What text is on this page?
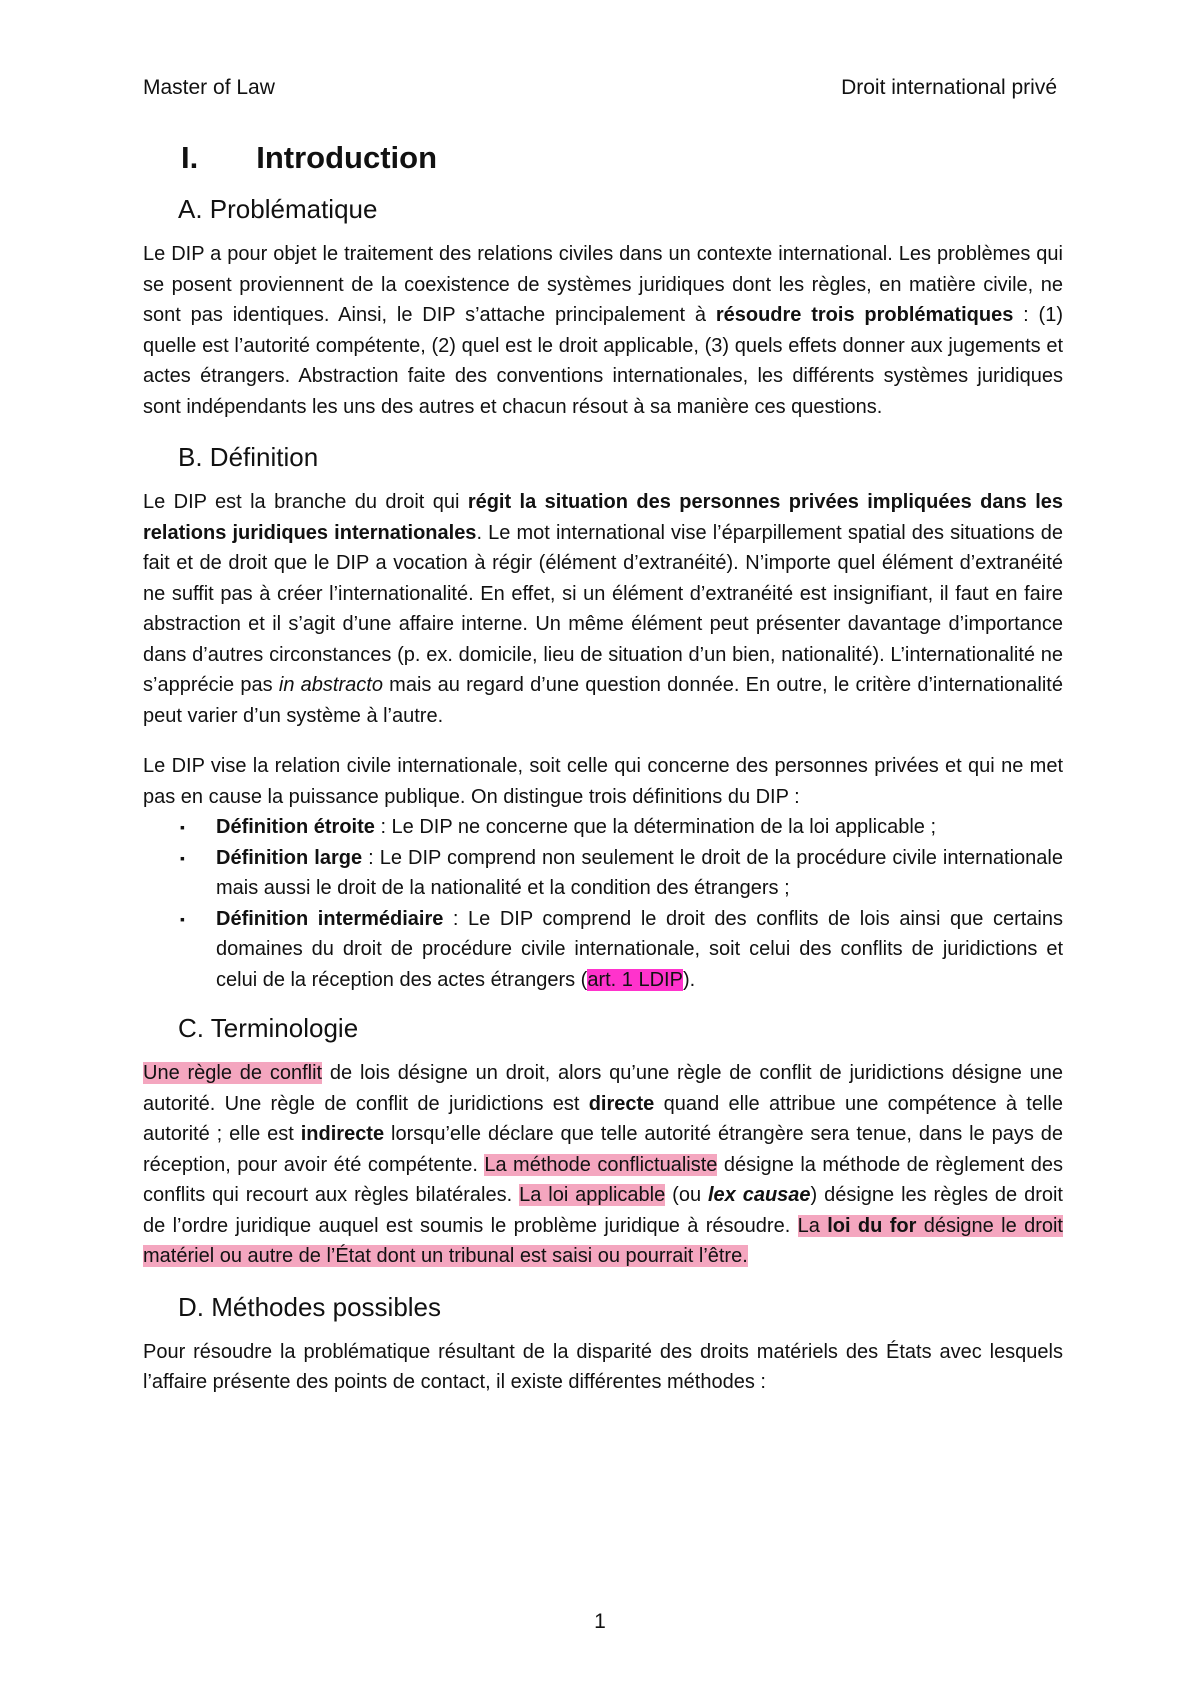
Master of Law	Droit international privé
I. Introduction
A. Problématique

Le DIP a pour objet le traitement des relations civiles dans un contexte international. Les problèmes qui se posent proviennent de la coexistence de systèmes juridiques dont les règles, en matière civile, ne sont pas identiques. Ainsi, le DIP s’attache principalement à résoudre trois problématiques : (1) quelle est l’autorité compétente, (2) quel est le droit applicable, (3) quels effets donner aux jugements et actes étrangers. Abstraction faite des conventions internationales, les différents systèmes juridiques sont indépendants les uns des autres et chacun résout à sa manière ces questions.

B. Définition

Le DIP est la branche du droit qui régit la situation des personnes privées impliquées dans les relations juridiques internationales. Le mot international vise l’éparpillement spatial des situations de fait et de droit que le DIP a vocation à régir (élément d’extranéité). N’importe quel élément d’extranéité ne suffit pas à créer l’internationalité. En effet, si un élément d’extranéité est insignifiant, il faut en faire abstraction et il s’agit d’une affaire interne. Un même élément peut présenter davantage d’importance dans d’autres circonstances (p. ex. domicile, lieu de situation d’un bien, nationalité). L’internationalité ne s’apprécie pas in abstracto mais au regard d’une question donnée. En outre, le critère d’internationalité peut varier d’un système à l’autre.

Le DIP vise la relation civile internationale, soit celle qui concerne des personnes privées et qui ne met pas en cause la puissance publique. On distingue trois définitions du DIP :

▪ Définition étroite : Le DIP ne concerne que la détermination de la loi applicable ;
▪ Définition large : Le DIP comprend non seulement le droit de la procédure civile internationale mais aussi le droit de la nationalité et la condition des étrangers ;
▪ Définition intermédiaire : Le DIP comprend le droit des conflits de lois ainsi que certains domaines du droit de procédure civile internationale, soit celui des conflits de juridictions et celui de la réception des actes étrangers (art. 1 LDIP).
C. Terminologie

Une règle de conflit de lois désigne un droit, alors qu’une règle de conflit de juridictions désigne une autorité. Une règle de conflit de juridictions est directe quand elle attribue une compétence à telle autorité ; elle est indirecte lorsqu’elle déclare que telle autorité étrangère sera tenue, dans le pays de réception, pour avoir été compétente. La méthode conflictualiste désigne la méthode de règlement des conflits qui recourt aux règles bilatérales. La loi applicable (ou lex causae) désigne les règles de droit de l’ordre juridique auquel est soumis le problème juridique à résoudre. La loi du for désigne le droit matériel ou autre de l’État dont un tribunal est saisi ou pourrait l’être.

D. Méthodes possibles

Pour résoudre la problématique résultant de la disparité des droits matériels des États avec lesquels l’affaire présente des points de contact, il existe différentes méthodes :

1
